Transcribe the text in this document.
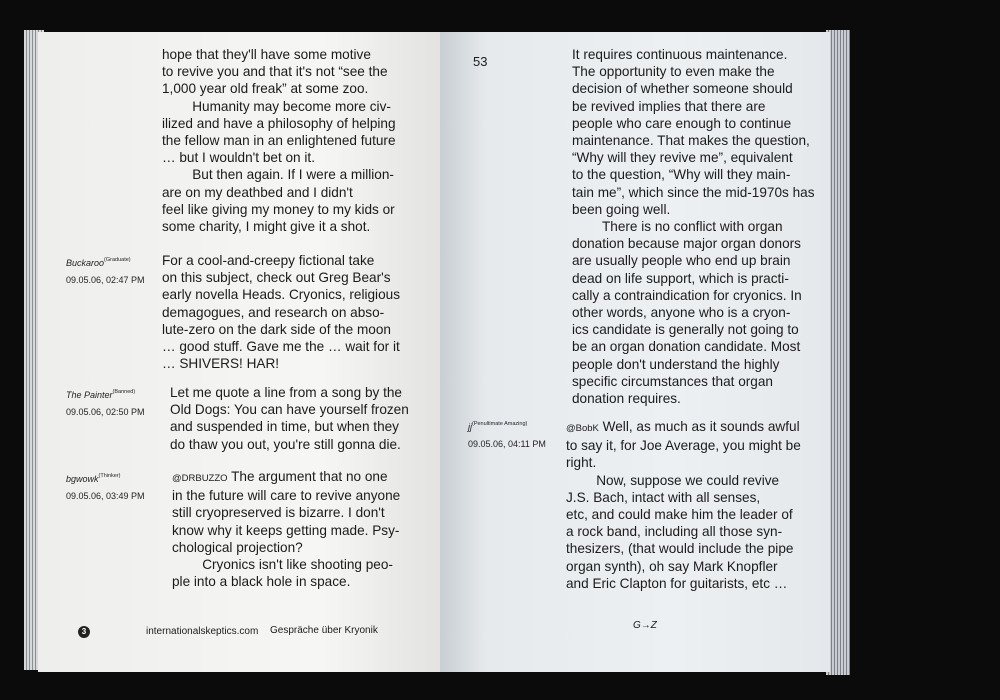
hope that they'll have some motive
to revive you and that it's not “see the
1,000 year old freak” at some zoo.
Humanity may become more civ-
ilized and have a philosophy of helping
the fellow man in an enlightened future
… but I wouldn't bet on it.
But then again. If I were a million-
are on my deathbed and I didn't
feel like giving my money to my kids or
some charity, I might give it a shot.
Buckaroo$^{(Graduate)}$
09.05.06, 02:47 PM
For a cool-and-creepy fictional take
on this subject, check out Greg Bear's
early novella Heads. Cryonics, religious
demagogues, and research on abso-
lute-zero on the dark side of the moon
… good stuff. Gave me the … wait for it
… SHIVERS! HAR!
The Painter$^{(Banned)}$
09.05.06, 02:50 PM
Let me quote a line from a song by the
Old Dogs: You can have yourself frozen
and suspended in time, but when they
do thaw you out, you're still gonna die.
bgwowk$^{(Thinker)}$
09.05.06, 03:49 PM
@DRBUZZO The argument that no one
in the future will care to revive anyone
still cryopreserved is bizarre. I don't
know why it keeps getting made. Psy-
chological projection?
Cryonics isn't like shooting peo-
ple into a black hole in space.
3	internationalskeptics.com Gespräche über Kryonik
53	It requires continuous maintenance.
The opportunity to even make the
decision of whether someone should
be revived implies that there are
people who care enough to continue
maintenance. That makes the question,
“Why will they revive me”, equivalent
to the question, “Why will they main-
tain me”, which since the mid-1970s has
been going well.
There is no conflict with organ
donation because major organ donors
are usually people who end up brain
dead on life support, which is practi-
cally a contraindication for cryonics. In
other words, anyone who is a cryon-
ics candidate is generally not going to
be an organ donation candidate. Most
people don't understand the highly
specific circumstances that organ
donation requires.
$jj^{(Penultimate Amazing)}$
09.05.06, 04:11 PM
@BobK Well, as much as it sounds awful
to say it, for Joe Average, you might be
right.
Now, suppose we could revive
J.S. Bach, intact with all senses,
etc, and could make him the leader of
a rock band, including all those syn-
thesizers, (that would include the pipe
organ synth), oh say Mark Knopfler
and Eric Clapton for guitarists, etc …
G→Z
